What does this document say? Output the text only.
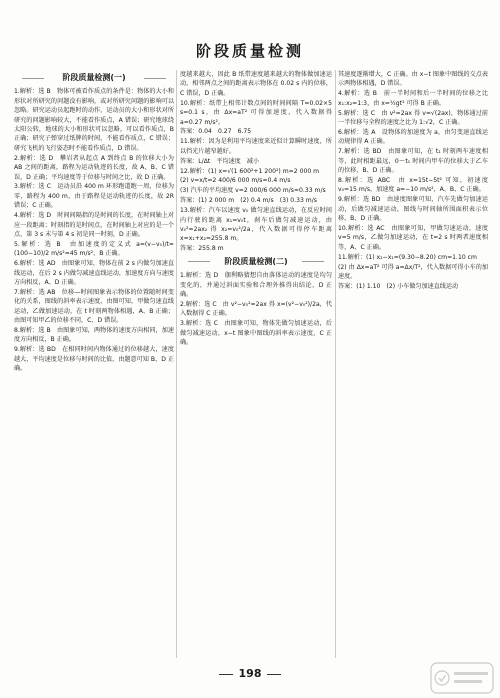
阶段质量检测
阶段质量检测(一)

1.解析：选 B　物体可被看作质点的条件是：物体的大小和形状对所研究的问题没有影响，或对所研究问题的影响可以忽略。研究运动员起跑时的动作，运动员的大小和形状对所研究的问题影响较大，不能看作质点，A 错误；研究地球绕太阳公转，地球的大小和形状可以忽略，可以看作质点，B 正确；研究子弹穿过纸牌的时间，不能看作质点，C 错误；研究飞机的飞行姿态时不能看作质点，D 错误。

2.解析：选 D　攀岩者从起点 A 到终点 B 的位移大小为 AB 之间的距离，路程为运动轨迹的长度，故 A、B、C 错误，D 正确；平均速度等于位移与时间之比，故 D 正确。

3.解析：选 C　运动员沿 400 m 环形跑道跑一周，位移为零，路程为 400 m，由于路程是运动轨迹的长度，故 2R 错误；C 正确。

4.解析：选 D　时间间隔指的是时间的长度，在时间轴上对应一段距离；时刻指的是时间点，在时间轴上对应的是一个点，第 3 s 末与第 4 s 初是同一时刻，D 正确。

5.解析：选 B　由加速度的定义式 a=(v−v₀)/t=(100−10)/2 m/s²=45 m/s²，B 正确。

6.解析：选 AD　由图象可知，物体在前 2 s 内做匀加速直线运动，在后 2 s 内做匀减速直线运动，加速度方向与速度方向相反，A、D 正确。

7.解析：选 AB　位移—时间图象表示物体的位置随时间变化的关系，图线的斜率表示速度，由图可知，甲做匀速直线运动，乙做加速运动，在 t 时刻两物体相遇，A、B 正确；由图可知甲乙的位移不同，C、D 错误。

8.解析：选 B　由图象可知，两物体的速度方向相同，加速度方向相反，B 正确。

9.解析：选 BD　在相同时间内物体通过的位移越大，速度越大，平均速度是位移与时间的比值，由题意可知 B、D 正确。

度越来越大，因此 B 纸带速度越来越大的物体做加速运动，相邻两点之间的距离表示物体在 0.02 s 内的位移，C 错误，D 正确。

10.解析：纸带上相邻计数点间的时间间隔 T=0.02×5 s=0.1 s，由 Δx=aT² 可得加速度，代入数据得 a=0.27 m/s²。

答案：0.04　0.27　6.75

11.解析：因为是利用平均速度来近似计算瞬时速度，所以挡光片越窄越好。

答案：L/Δt　平均速度　减小

12.解析：(1) x=√(1 600²+1 200²) m=2 000 m

(2) v=x/t=2 400/6 000 m/s=0.4 m/s

(3) 汽车的平均速度 v=2 000/6 000 m/s≈0.33 m/s

答案：(1) 2 000 m　(2) 0.4 m/s　(3) 0.33 m/s

13.解析：汽车以速度 v₀ 做匀速直线运动，在反应时间内行驶的距离 x₁=v₀t，刹车后做匀减速运动，由 v₀²=2ax₂ 得 x₂=v₀²/2a，代入数据可得停车距离 x=x₁+x₂=255.8 m。

答案：255.8 m

阶段质量检测(二)

1.解析：选 D　伽利略猜想自由落体运动的速度是均匀变化的，并通过斜面实验和合理外推得出结论，D 正确。

2.解析：选 C　由 v²−v₀²=2ax 得 x=(v²−v₀²)/2a，代入数据得 C 正确。

3.解析：选 C　由图象可知，物体先做匀加速运动，后做匀减速运动，x−t 图象中图线的斜率表示速度，C 正确。

其速度逐渐增大，C 正确。由 x−t 图象中图线的交点表示两物体相遇，D 错误。

4.解析：选 B　前一半时间和后一半时间的位移之比 x₁:x₂=1:3，由 x=½gt² 可得 B 正确。

5.解析：选 C　由 v²=2ax 得 v=√(2ax)，物体通过前一半位移与全程的速度之比为 1:√2，C 正确。

6.解析：选 A　设物体的加速度为 a，由匀变速直线运动规律得 A 正确。

7.解析：选 BD　由图象可知，在 t₁ 时刻两车速度相等，此时相距最远，0～t₁ 时间内甲车的位移大于乙车的位移，B、D 正确。

8.解析：选 ABC　由 x=15t−5t² 可知，初速度 v₀=15 m/s，加速度 a=−10 m/s²，A、B、C 正确。

9.解析：选 BD　由速度图象可知，汽车先做匀加速运动，后做匀减速运动，图线与时间轴所围面积表示位移，B、D 正确。

10.解析：选 AC　由图象可知，甲做匀速运动，速度 v=5 m/s，乙做匀加速运动，在 t=2 s 时两者速度相等，A、C 正确。

11.解析：(1) x₂−x₁=(9.30−8.20) cm=1.10 cm

(2) 由 Δx=aT² 可得 a=Δx/T²，代入数据可得小车的加速度。

答案：(1) 1.10　(2) 小车做匀加速直线运动

198
